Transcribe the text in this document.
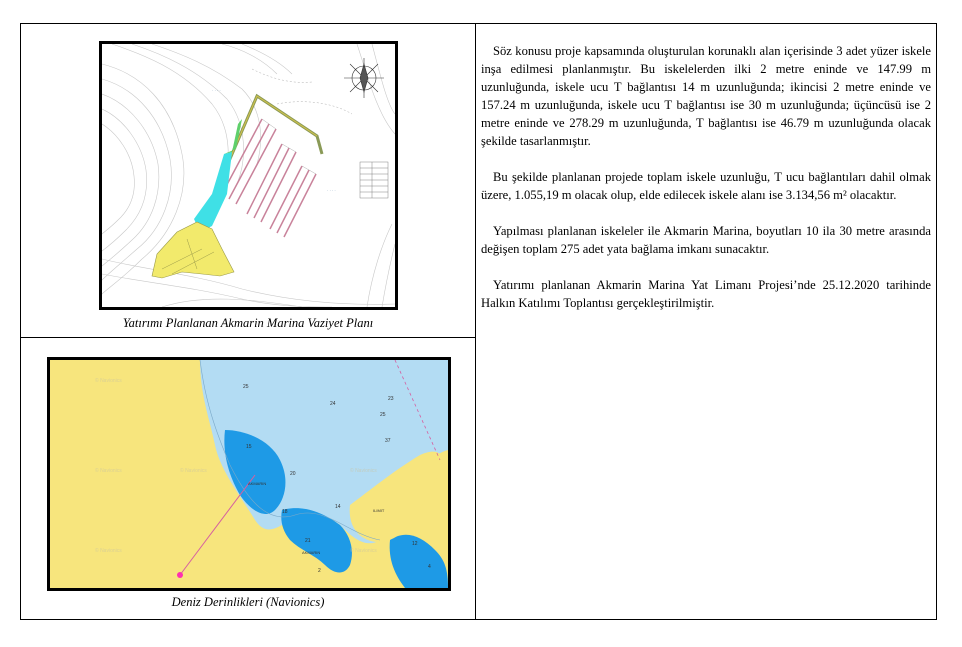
· · · ·
· · · ·
Yatırımı Planlanan Akmarin Marina Vaziyet Planı
25
24
23
25
37
15
20
18
14
12
21
4
2
AKMARIN
AKMARIN
ILIMIT
© Navionics
© Navionics
© Navionics
© Navionics	© Navionics
© Navionics
Deniz Derinlikleri (Navionics)

Söz konusu proje kapsamında oluşturulan korunaklı alan içerisinde 3 adet yüzer iskele inşa edilmesi planlanmıştır. Bu iskelelerden ilki 2 metre eninde ve 147.99 m uzunluğunda, iskele ucu T bağlantısı 14 m uzunluğunda; ikincisi 2 metre eninde ve 157.24 m uzunluğunda, iskele ucu T bağlantısı ise 30 m uzunluğunda; üçüncüsü ise 2 metre eninde ve 278.29 m uzunluğunda, T bağlantısı ise 46.79 m uzunluğunda olacak şekilde tasarlanmıştır.

Bu şekilde planlanan projede toplam iskele uzunluğu, T ucu bağlantıları dahil olmak üzere, 1.055,19 m olacak olup, elde edilecek iskele alanı ise 3.134,56 m² olacaktır.

Yapılması planlanan iskeleler ile Akmarin Marina, boyutları 10 ila 30 metre arasında değişen toplam 275 adet yata bağlama imkanı sunacaktır.

Yatırımı planlanan Akmarin Marina Yat Limanı Projesi’nde 25.12.2020 tarihinde Halkın Katılımı Toplantısı gerçekleştirilmiştir.
